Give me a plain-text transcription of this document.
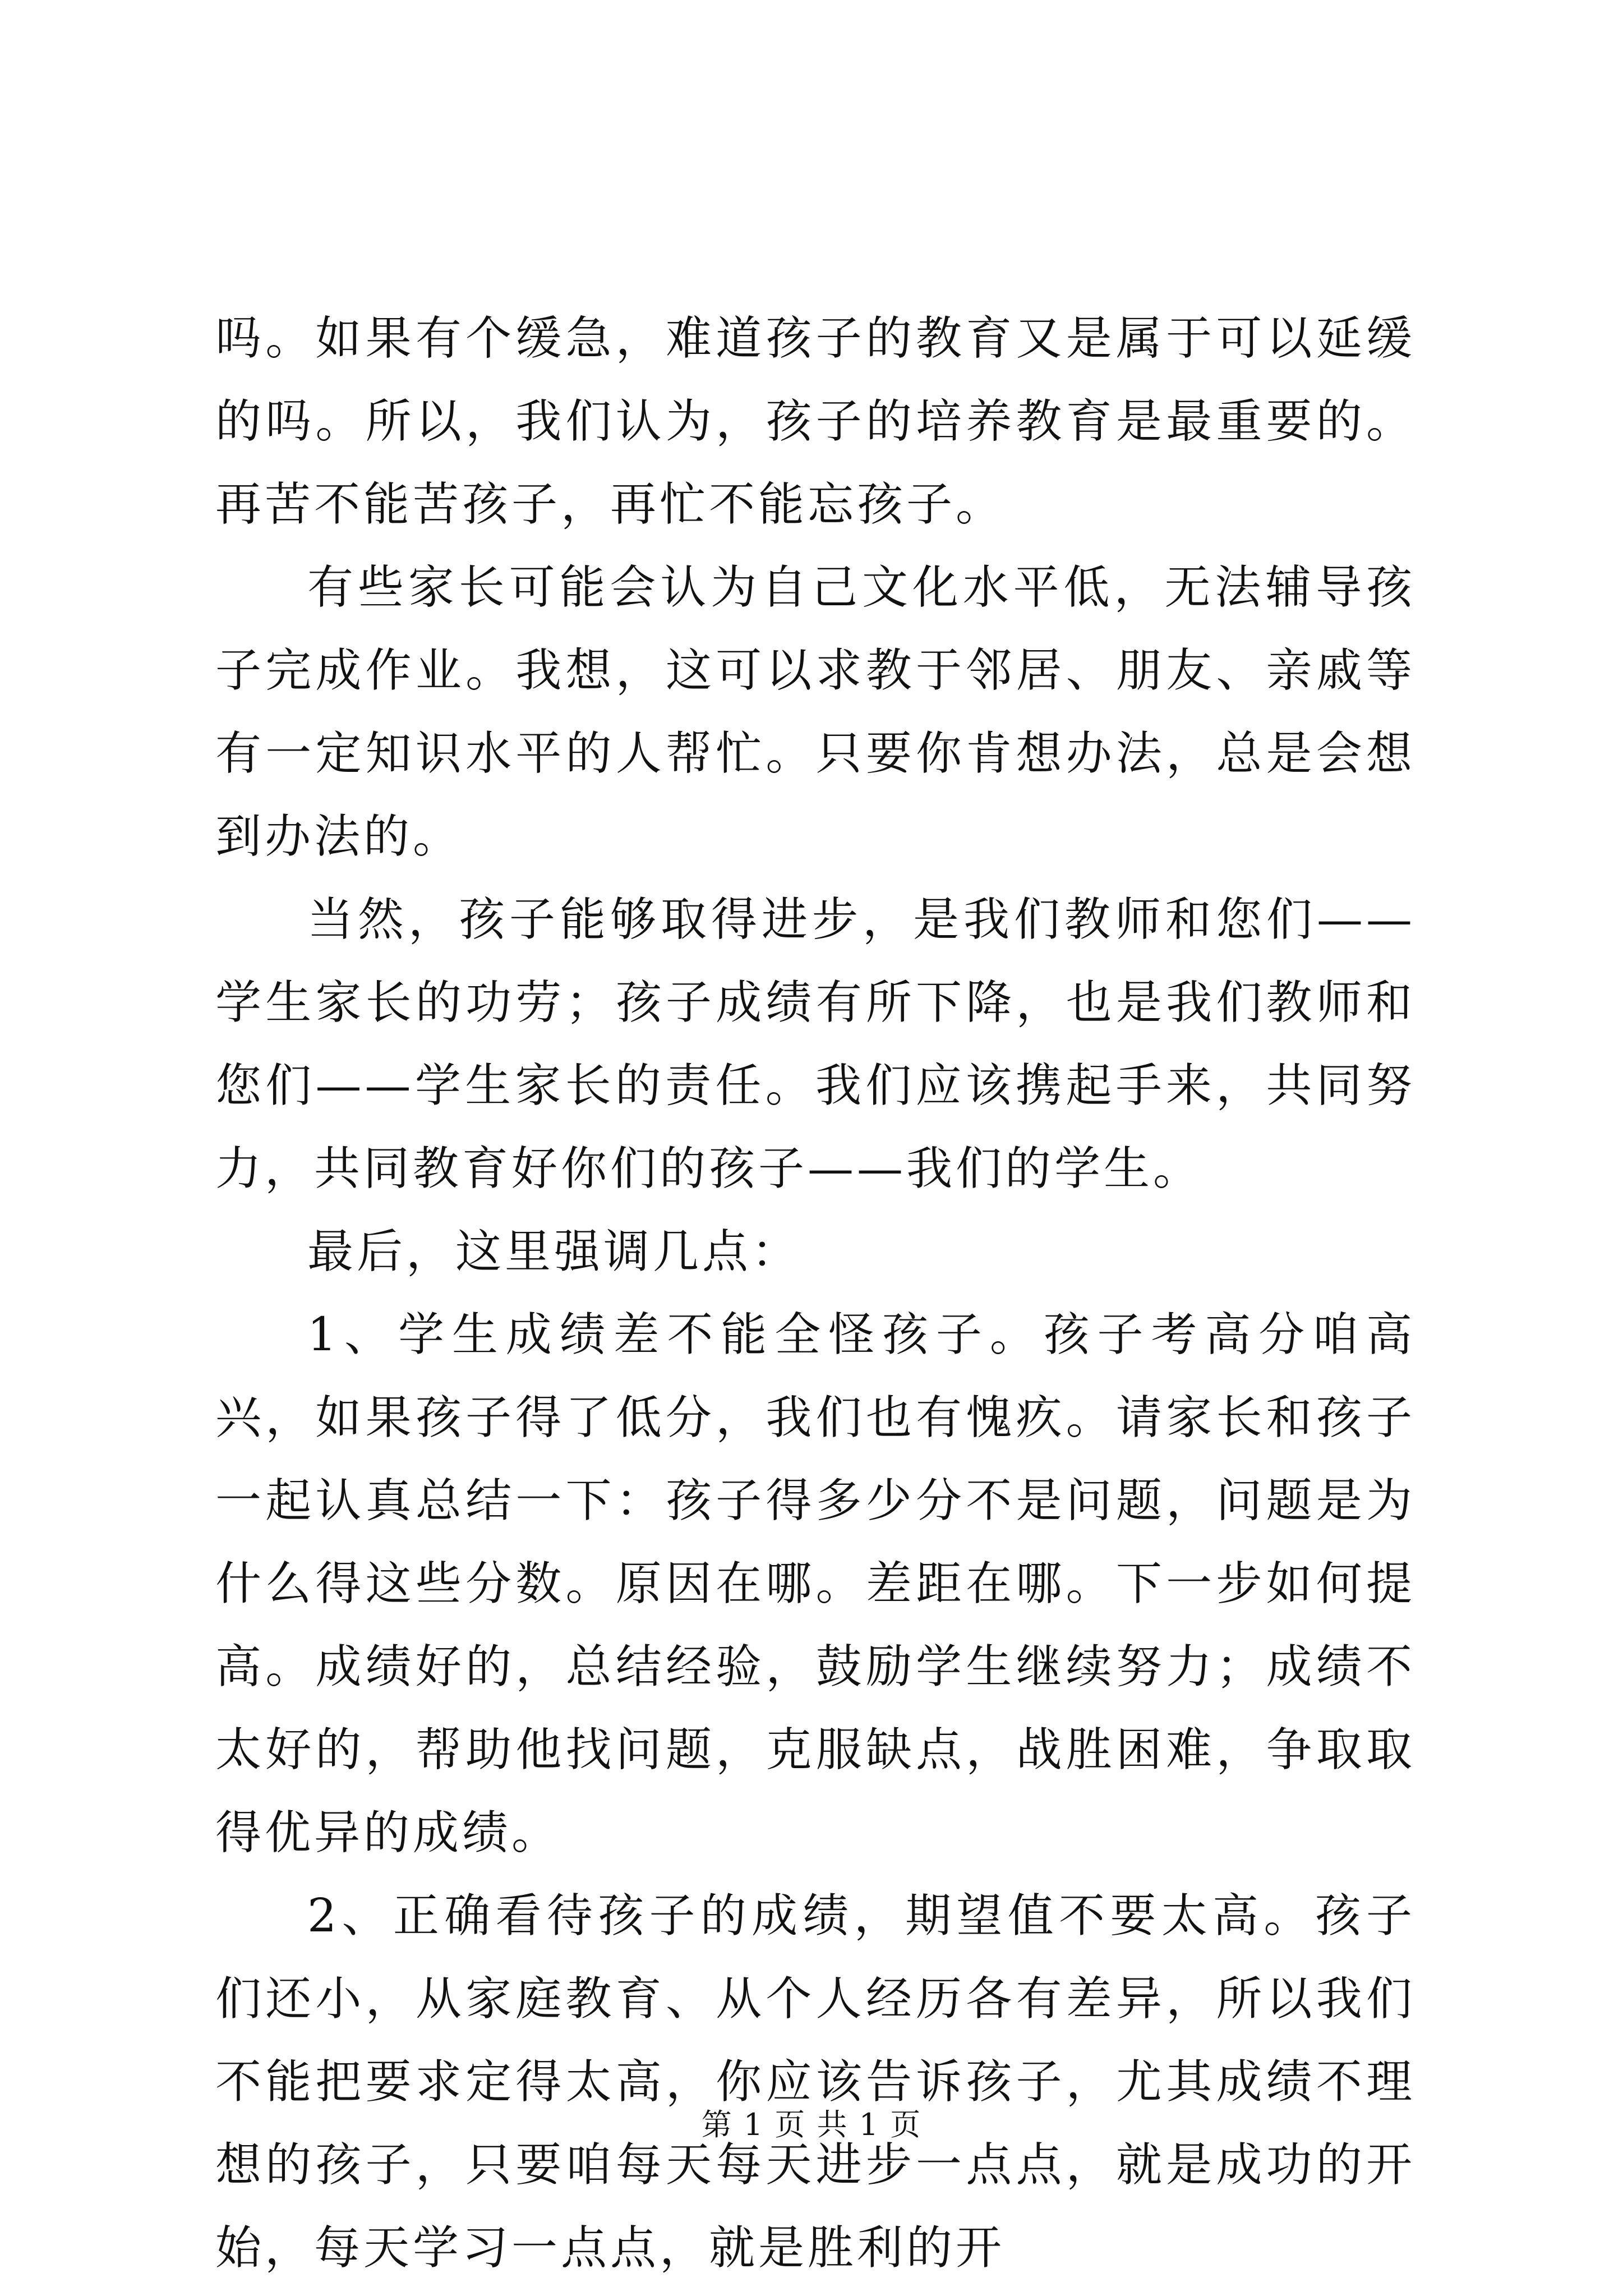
吗。如果有个缓急，难道孩子的教育又是属于可以延缓的吗。所以，我们认为，孩子的培养教育是最重要的。再苦不能苦孩子，再忙不能忘孩子。

有些家长可能会认为自己文化水平低，无法辅导孩子完成作业。我想，这可以求教于邻居、朋友、亲戚等有一定知识水平的人帮忙。只要你肯想办法，总是会想到办法的。

当然，孩子能够取得进步，是我们教师和您们——学生家长的功劳；孩子成绩有所下降，也是我们教师和您们——学生家长的责任。我们应该携起手来，共同努力，共同教育好你们的孩子——我们的学生。

最后，这里强调几点：

1、学生成绩差不能全怪孩子。孩子考高分咱高兴，如果孩子得了低分，我们也有愧疚。请家长和孩子一起认真总结一下：孩子得多少分不是问题，问题是为什么得这些分数。原因在哪。差距在哪。下一步如何提高。成绩好的，总结经验，鼓励学生继续努力；成绩不太好的，帮助他找问题，克服缺点，战胜困难，争取取得优异的成绩。

2、正确看待孩子的成绩，期望值不要太高。孩子们还小，从家庭教育、从个人经历各有差异，所以我们不能把要求定得太高，你应该告诉孩子，尤其成绩不理想的孩子，只要咱每天每天进步一点点，就是成功的开始，每天学习一点点，就是胜利的开

第 1 页 共 1 页
